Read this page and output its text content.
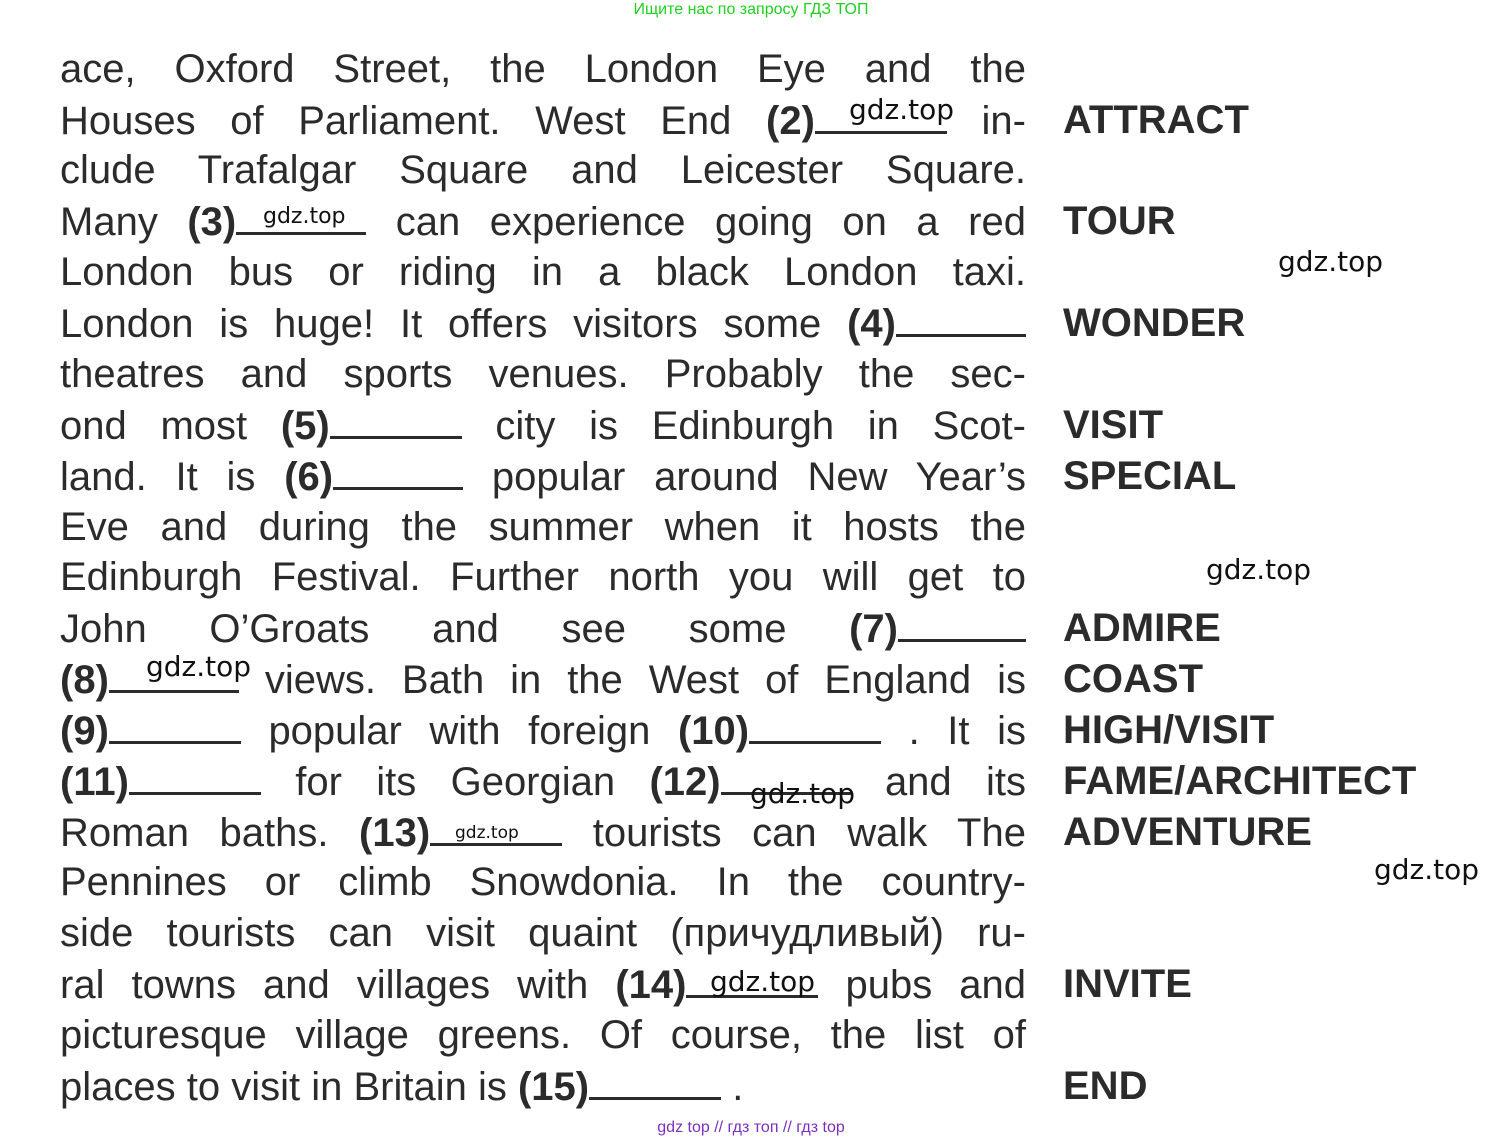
Ищите нас по запросу ГДЗ ТОП
ace, Oxford Street, the London Eye and the
Houses of Parliament. West End (2)	in-
clude Trafalgar Square and Leicester Square.
Many (3)	can experience going on a red
London bus or riding in a black London taxi.
London is huge! It offers visitors some (4)
theatres and sports venues. Probably the sec-
ond most (5)	city is Edinburgh in Scot-
land. It is (6)	popular around New Year’s
Eve and during the summer when it hosts the
Edinburgh Festival. Further north you will get to
John O’Groats and see some (7)
(8)	views. Bath in the West of England is
(9)	popular with foreign (10)	. It is
(11)	for its Georgian (12)	and its
Roman baths. (13)	tourists can walk The
Pennines or climb Snowdonia. In the country-
side tourists can visit quaint (причудливый) ru-
ral towns and villages with (14)	pubs and
picturesque village greens. Of course, the list of
places to visit in Britain is (15)	.
ATTRACT
TOUR
WONDER
VISIT
SPECIAL
ADMIRE
COAST
HIGH/VISIT
FAME/ARCHITECT
ADVENTURE
INVITE
END
gdz.top
gdz.top
gdz.top
gdz.top
gdz.top
gdz.top
gdz.top
gdz.top
gdz.top
gdz top // гдз топ // гдз top
